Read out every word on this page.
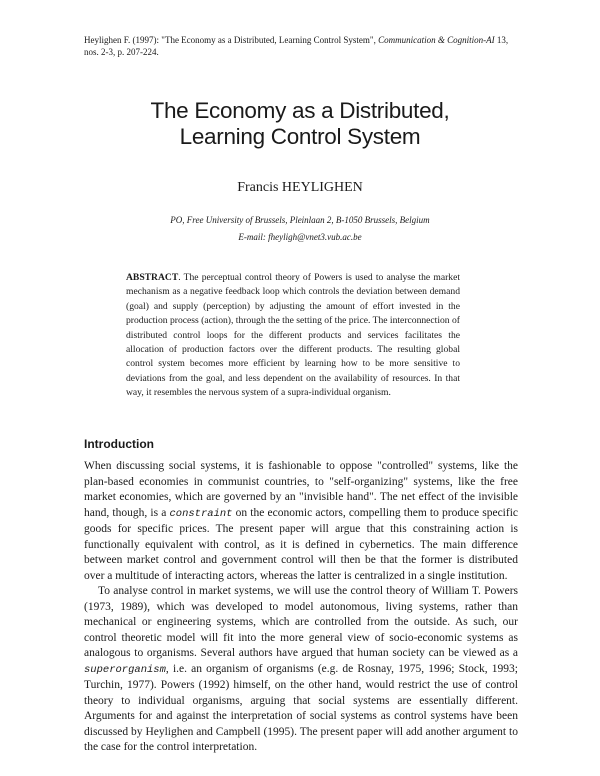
Heylighen F. (1997): "The Economy as a Distributed, Learning Control System", Communication & Cognition-AI 13, nos. 2-3, p. 207-224.
The Economy as a Distributed,
Learning Control System
Francis HEYLIGHEN
PO, Free University of Brussels, Pleinlaan 2, B-1050 Brussels, Belgium
E-mail: fheyligh@vnet3.vub.ac.be

ABSTRACT. The perceptual control theory of Powers is used to analyse the market mechanism as a negative feedback loop which controls the deviation between demand (goal) and supply (perception) by adjusting the amount of effort invested in the production process (action), through the the setting of the price. The interconnection of distributed control loops for the different products and services facilitates the allocation of production factors over the different products. The resulting global control system becomes more efficient by learning how to be more sensitive to deviations from the goal, and less dependent on the availability of resources. In that way, it resembles the nervous system of a supra-individual organism.

Introduction

When discussing social systems, it is fashionable to oppose "controlled" systems, like the plan-based economies in communist countries, to "self-organizing" systems, like the free market economies, which are governed by an "invisible hand". The net effect of the invisible hand, though, is a constraint on the economic actors, compelling them to produce specific goods for specific prices. The present paper will argue that this constraining action is functionally equivalent with control, as it is defined in cybernetics. The main difference between market control and government control will then be that the former is distributed over a multitude of interacting actors, whereas the latter is centralized in a single institution.

To analyse control in market systems, we will use the control theory of William T. Powers (1973, 1989), which was developed to model autonomous, living systems, rather than mechanical or engineering systems, which are controlled from the outside. As such, our control theoretic model will fit into the more general view of socio-economic systems as analogous to organisms. Several authors have argued that human society can be viewed as a superorganism, i.e. an organism of organisms (e.g. de Rosnay, 1975, 1996; Stock, 1993; Turchin, 1977). Powers (1992) himself, on the other hand, would restrict the use of control theory to individual organisms, arguing that social systems are essentially different. Arguments for and against the interpretation of social systems as control systems have been discussed by Heylighen and Campbell (1995). The present paper will add another argument to the case for the control interpretation.
